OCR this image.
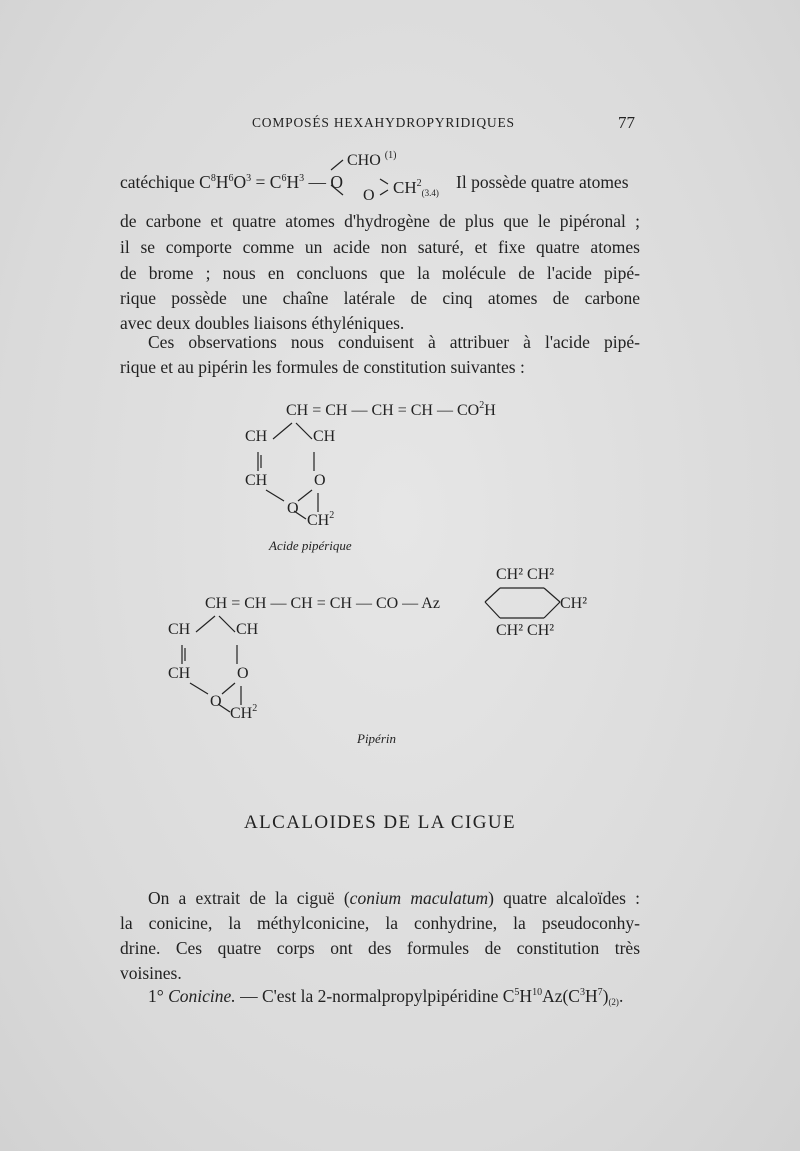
COMPOSÉS HEXAHYDROPYRIDIQUES	77
catéchique $C^8H^6O^3 = C^6H^3$ — O
CHO $^{(1)}$
O $CH^2_{(3.4)}$
Il possède quatre atomes
de carbone et quatre atomes d'hydrogène de plus que le pipéronal ;
il se comporte comme un acide non saturé, et fixe quatre atomes
de brome ; nous en concluons que la molécule de l'acide pipé-
rique possède une chaîne latérale de cinq atomes de carbone
avec deux doubles liaisons éthyléniques.
Ces observations nous conduisent à attribuer à l'acide pipé-
rique et au pipérin les formules de constitution suivantes :
CH = CH — CH = CH — $CO^2H$
CH	CH
CH	O
O
$CH^2$
Acide pipérique
CH² CH²
CH = CH — CH = CH — CO — Az	CH²
CH² CH²
CH	CH
CH	O
O
$CH^2$
Pipérin
ALCALOIDES DE LA CIGUE
On a extrait de la ciguë (conium maculatum) quatre alcaloïdes :
la conicine, la méthylconicine, la conhydrine, la pseudoconhy-
drine. Ces quatre corps ont des formules de constitution très
voisines.
1° Conicine. — C'est la 2-normalpropylpipéridine $C^5H^{10}Az(C^3H^7)_{(2)}$.
